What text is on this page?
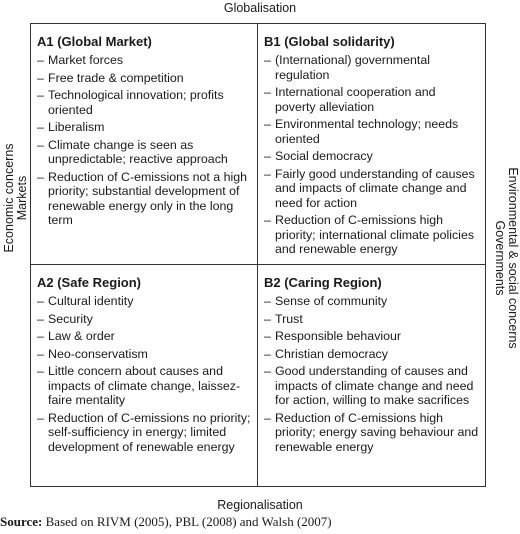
Globalisation
Economic concerns Markets	Environmental & social concerns
Governments
A1 (Global Market)
– Market forces
– Free trade & competition
– Technological innovation; profits oriented
– Liberalism
– Climate change is seen as unpredictable; reactive approach
– Reduction of C-emissions not a high priority; substantial development of renewable energy only in the long term
B1 (Global solidarity)
– (International) governmental regulation
– International cooperation and poverty alleviation
– Environmental technology; needs oriented
– Social democracy
– Fairly good understanding of causes and impacts of climate change and need for action
– Reduction of C-emissions high priority; international climate policies and renewable energy
A2 (Safe Region)
– Cultural identity
– Security
– Law & order
– Neo-conservatism
– Little concern about causes and impacts of climate change, laissez-faire mentality
– Reduction of C-emissions no priority; self-sufficiency in energy; limited development of renewable energy
B2 (Caring Region)
– Sense of community
– Trust
– Responsible behaviour
– Christian democracy
– Good understanding of causes and impacts of climate change and need for action, willing to make sacrifices
– Reduction of C-emissions high priority; energy saving behaviour and renewable energy
Regionalisation
Source: Based on RIVM (2005), PBL (2008) and Walsh (2007)
